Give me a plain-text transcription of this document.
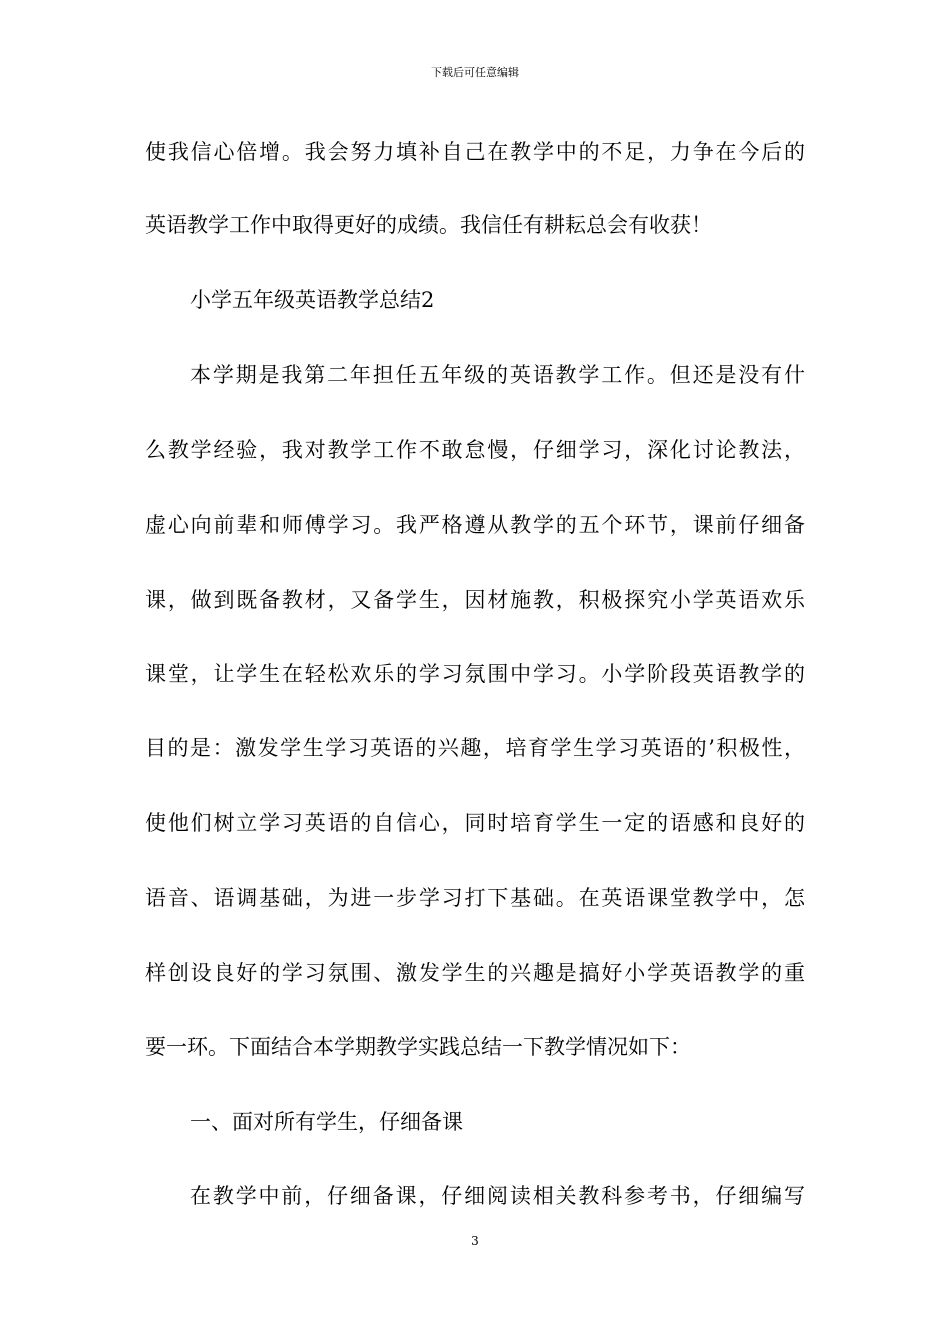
下载后可任意编辑
使我信心倍增。我会努力填补自己在教学中的不足，力争在今后的
英语教学工作中取得更好的成绩。我信任有耕耘总会有收获！
小学五年级英语教学总结2
本学期是我第二年担任五年级的英语教学工作。但还是没有什
么教学经验，我对教学工作不敢怠慢，仔细学习，深化讨论教法，
虚心向前辈和师傅学习。我严格遵从教学的五个环节，课前仔细备
课，做到既备教材，又备学生，因材施教，积极探究小学英语欢乐
课堂，让学生在轻松欢乐的学习氛围中学习。小学阶段英语教学的
目的是：激发学生学习英语的兴趣，培育学生学习英语的’积极性，
使他们树立学习英语的自信心，同时培育学生一定的语感和良好的
语音、语调基础，为进一步学习打下基础。在英语课堂教学中，怎
样创设良好的学习氛围、激发学生的兴趣是搞好小学英语教学的重
要一环。下面结合本学期教学实践总结一下教学情况如下：
一、面对所有学生，仔细备课
在教学中前，仔细备课，仔细阅读相关教科参考书，仔细编写
3
